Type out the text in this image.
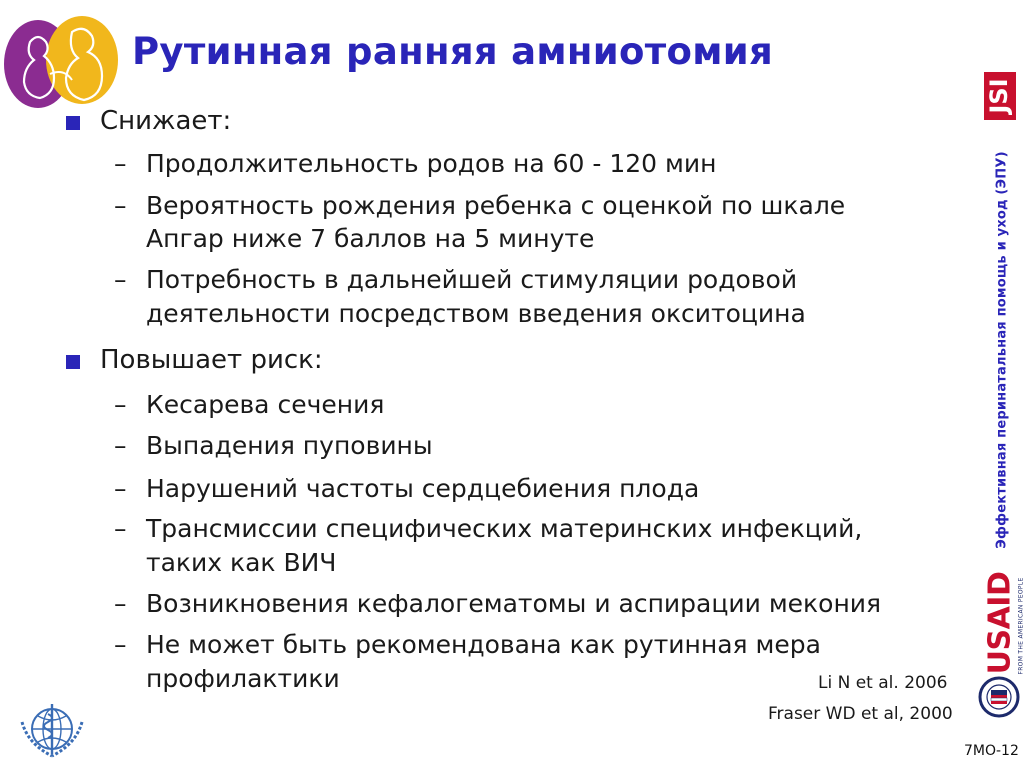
Рутинная ранняя амниотомия
Снижает:
– Продолжительность родов на 60 - 120 мин
– Вероятность рождения ребенка с оценкой по шкале
Апгар ниже 7 баллов на 5 минуте
– Потребность в дальнейшей стимуляции родовой
деятельности посредством введения окситоцина
Повышает риск:
– Кесарева сечения
– Выпадения пуповины
– Нарушений частоты сердцебиения плода
– Трансмиссии специфических материнских инфекций,
таких как ВИЧ
– Возникновения кефалогематомы и аспирации мекония
– Не может быть рекомендована как рутинная мера
профилактики	Li N et al. 2006
Fraser WD et al, 2000
JSI
Эффективная перинатальная помощь и уход (ЭПУ)
USAID FROM THE AMERICAN PEOPLE
7МО-12
